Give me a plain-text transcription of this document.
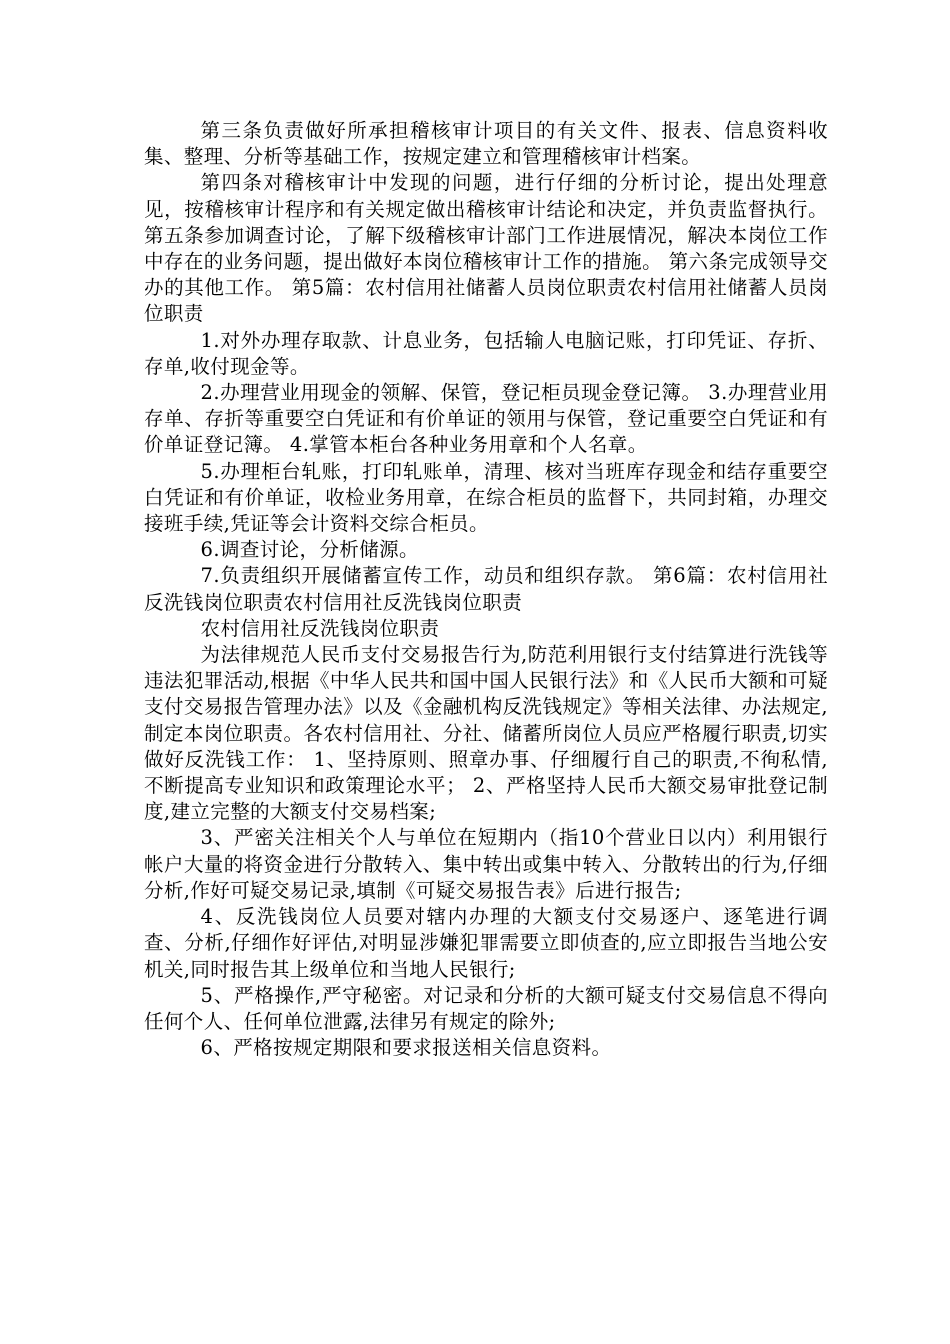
第三条负责做好所承担稽核审计项目的有关文件、报表、信息资料收集、整理、分析等基础工作，按规定建立和管理稽核审计档案。

第四条对稽核审计中发现的问题，进行仔细的分析讨论，提出处理意见，按稽核审计程序和有关规定做出稽核审计结论和决定，并负责监督执行。 第五条参加调查讨论，了解下级稽核审计部门工作进展情况，解决本岗位工作中存在的业务问题，提出做好本岗位稽核审计工作的措施。 第六条完成领导交办的其他工作。 第5篇：农村信用社储蓄人员岗位职责农村信用社储蓄人员岗位职责

1.对外办理存取款、计息业务，包括输人电脑记账，打印凭证、存折、存单,收付现金等。

2.办理营业用现金的领解、保管，登记柜员现金登记簿。 3.办理营业用存单、存折等重要空白凭证和有价单证的领用与保管，登记重要空白凭证和有价单证登记簿。 4.掌管本柜台各种业务用章和个人名章。

5.办理柜台轧账，打印轧账单，清理、核对当班库存现金和结存重要空白凭证和有价单证，收检业务用章，在综合柜员的监督下，共同封箱，办理交接班手续,凭证等会计资料交综合柜员。

6.调查讨论，分析储源。

7.负责组织开展储蓄宣传工作，动员和组织存款。 第6篇：农村信用社反洗钱岗位职责农村信用社反洗钱岗位职责

农村信用社反洗钱岗位职责

为法律规范人民币支付交易报告行为,防范利用银行支付结算进行洗钱等违法犯罪活动,根据《中华人民共和国中国人民银行法》和《人民币大额和可疑支付交易报告管理办法》以及《金融机构反洗钱规定》等相关法律、办法规定,制定本岗位职责。各农村信用社、分社、储蓄所岗位人员应严格履行职责,切实做好反洗钱工作： 1、坚持原则、照章办事、仔细履行自己的职责,不徇私情,不断提高专业知识和政策理论水平； 2、严格坚持人民币大额交易审批登记制度,建立完整的大额支付交易档案;

3、严密关注相关个人与单位在短期内（指10个营业日以内）利用银行帐户大量的将资金进行分散转入、集中转出或集中转入、分散转出的行为,仔细分析,作好可疑交易记录,填制《可疑交易报告表》后进行报告;

4、反洗钱岗位人员要对辖内办理的大额支付交易逐户、逐笔进行调查、分析,仔细作好评估,对明显涉嫌犯罪需要立即侦查的,应立即报告当地公安机关,同时报告其上级单位和当地人民银行;

5、严格操作,严守秘密。对记录和分析的大额可疑支付交易信息不得向任何个人、任何单位泄露,法律另有规定的除外;

6、严格按规定期限和要求报送相关信息资料。
